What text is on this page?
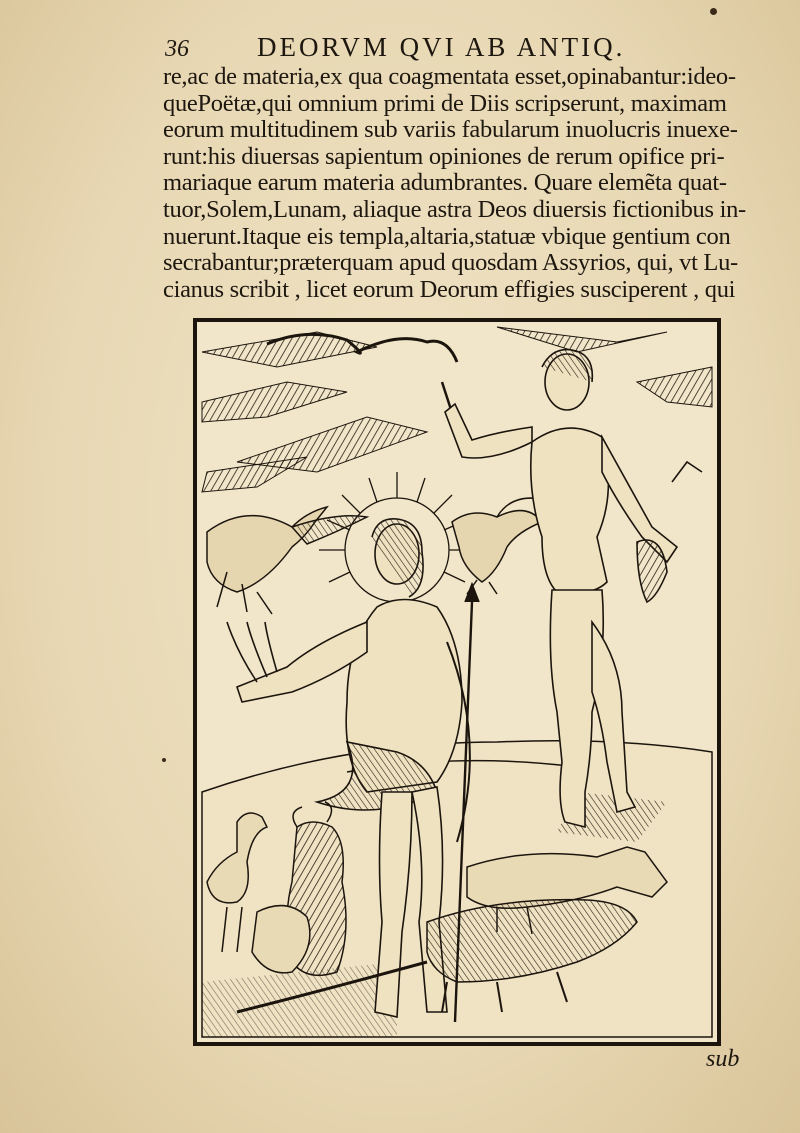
36	DEORVM QVI AB ANTIQ.
re,ac de materia,ex qua coagmentata esset,opinabantur:ideo-
quePoëtæ,qui omnium primi de Diis scripserunt, maximam
eorum multitudinem sub variis fabularum inuolucris inuexe-
runt:his diuersas sapientum opiniones de rerum opifice pri-
mariaque earum materia adumbrantes. Quare elemẽta quat-
tuor,Solem,Lunam, aliaque astra Deos diuersis fictionibus in-
nuerunt.Itaque eis templa,altaria,statuæ vbique gentium con
secrabantur;præterquam apud quosdam Assyrios, qui, vt Lu-
cianus scribit , licet eorum Deorum effigies susciperent , qui
sub
